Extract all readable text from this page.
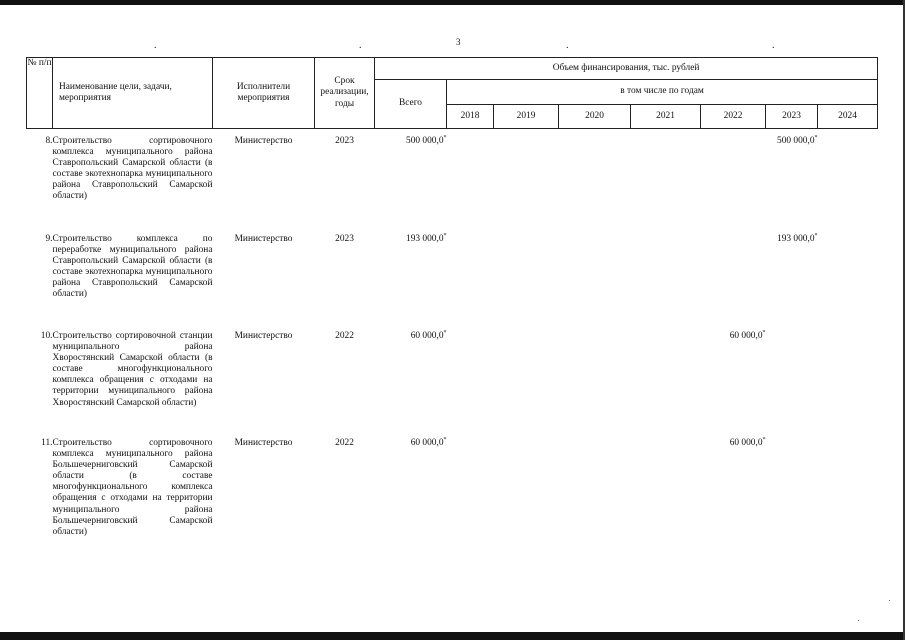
3
.	.	.	.
№ п/п	Наименование цели, задачи, мероприятия	Исполнители мероприятия	Срок реализации, годы	Объем финансирования, тыс. рублей							
				Всего	в том числе по годам						
					2018	2019	2020	2021	2022	2023	2024
8.	Строительство сортировочного комплекса муниципального района Ставропольский Самарской области (в составе экотехнопарка муниципального района Ставропольский Самарской области)	Министерство	2023	500 000,0*						500 000,0*	
9.	Строительство комплекса по переработке муниципального района Ставропольский Самарской области (в составе экотехнопарка муниципального района Ставропольский Самарской области)	Министерство	2023	193 000,0*						193 000,0*	
10.	Строительство сортировочной станции муниципального района Хворостянский Самарской области (в составе многофункционального комплекса обращения с отходами на территории муниципального района Хворостянский Самарской области)	Министерство	2022	60 000,0*					60 000,0*		
11.	Строительство сортировочного комплекса муниципального района Большечерниговский Самарской области (в составе многофункционального комплекса обращения с отходами на территории муниципального района Большечерниговский Самарской области)	Министерство	2022	60 000,0*					60 000,0*		
